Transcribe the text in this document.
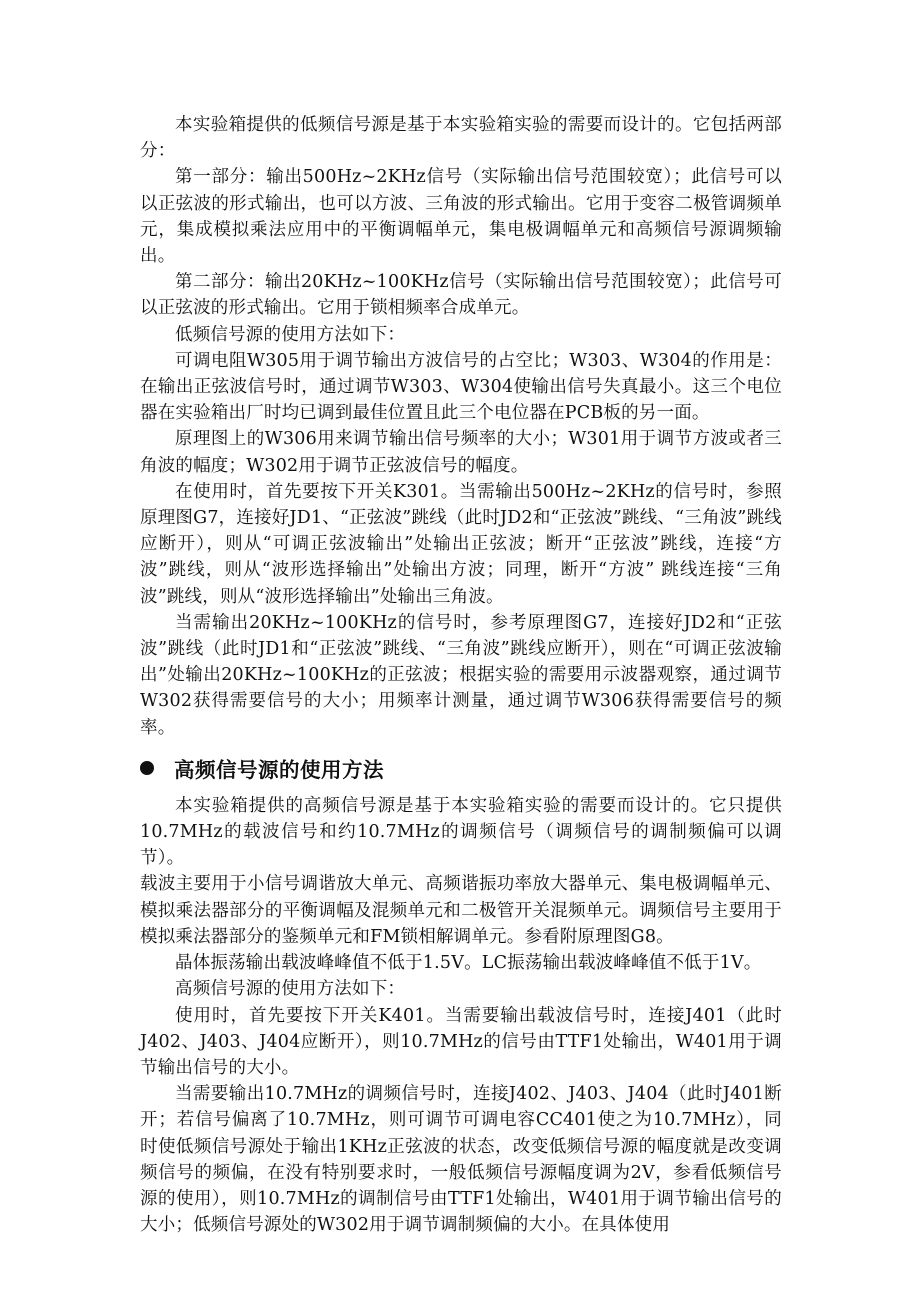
本实验箱提供的低频信号源是基于本实验箱实验的需要而设计的。它包括两部分：

第一部分：输出500Hz~2KHz信号（实际输出信号范围较宽）；此信号可以以正弦波的形式输出，也可以方波、三角波的形式输出。它用于变容二极管调频单元，集成模拟乘法应用中的平衡调幅单元，集电极调幅单元和高频信号源调频输出。

第二部分：输出20KHz~100KHz信号（实际输出信号范围较宽）；此信号可以正弦波的形式输出。它用于锁相频率合成单元。

低频信号源的使用方法如下：

可调电阻W305用于调节输出方波信号的占空比；W303、W304的作用是：在输出正弦波信号时，通过调节W303、W304使输出信号失真最小。这三个电位器在实验箱出厂时均已调到最佳位置且此三个电位器在PCB板的另一面。

原理图上的W306用来调节输出信号频率的大小；W301用于调节方波或者三角波的幅度；W302用于调节正弦波信号的幅度。

在使用时，首先要按下开关K301。当需输出500Hz~2KHz的信号时，参照原理图G7，连接好JD1、“正弦波”跳线（此时JD2和“正弦波”跳线、“三角波”跳线应断开），则从“可调正弦波输出”处输出正弦波；断开“正弦波”跳线，连接“方波”跳线，则从“波形选择输出”处输出方波；同理，断开“方波” 跳线连接“三角波”跳线，则从“波形选择输出”处输出三角波。

当需输出20KHz~100KHz的信号时，参考原理图G7，连接好JD2和“正弦波”跳线（此时JD1和“正弦波”跳线、“三角波”跳线应断开），则在“可调正弦波输出”处输出20KHz~100KHz的正弦波；根据实验的需要用示波器观察，通过调节W302获得需要信号的大小；用频率计测量，通过调节W306获得需要信号的频率。

高频信号源的使用方法

本实验箱提供的高频信号源是基于本实验箱实验的需要而设计的。它只提供10.7MHz的载波信号和约10.7MHz的调频信号（调频信号的调制频偏可以调节）。

载波主要用于小信号调谐放大单元、高频谐振功率放大器单元、集电极调幅单元、模拟乘法器部分的平衡调幅及混频单元和二极管开关混频单元。调频信号主要用于模拟乘法器部分的鉴频单元和FM锁相解调单元。参看附原理图G8。

晶体振荡输出载波峰峰值不低于1.5V。LC振荡输出载波峰峰值不低于1V。

高频信号源的使用方法如下：

使用时，首先要按下开关K401。当需要输出载波信号时，连接J401（此时J402、J403、J404应断开），则10.7MHz的信号由TTF1处输出，W401用于调节输出信号的大小。

当需要输出10.7MHz的调频信号时，连接J402、J403、J404（此时J401断开；若信号偏离了10.7MHz，则可调节可调电容CC401使之为10.7MHz），同时使低频信号源处于输出1KHz正弦波的状态，改变低频信号源的幅度就是改变调频信号的频偏，在没有特别要求时，一般低频信号源幅度调为2V，参看低频信号源的使用），则10.7MHz的调制信号由TTF1处输出，W401用于调节输出信号的大小；低频信号源处的W302用于调节调制频偏的大小。在具体使用
